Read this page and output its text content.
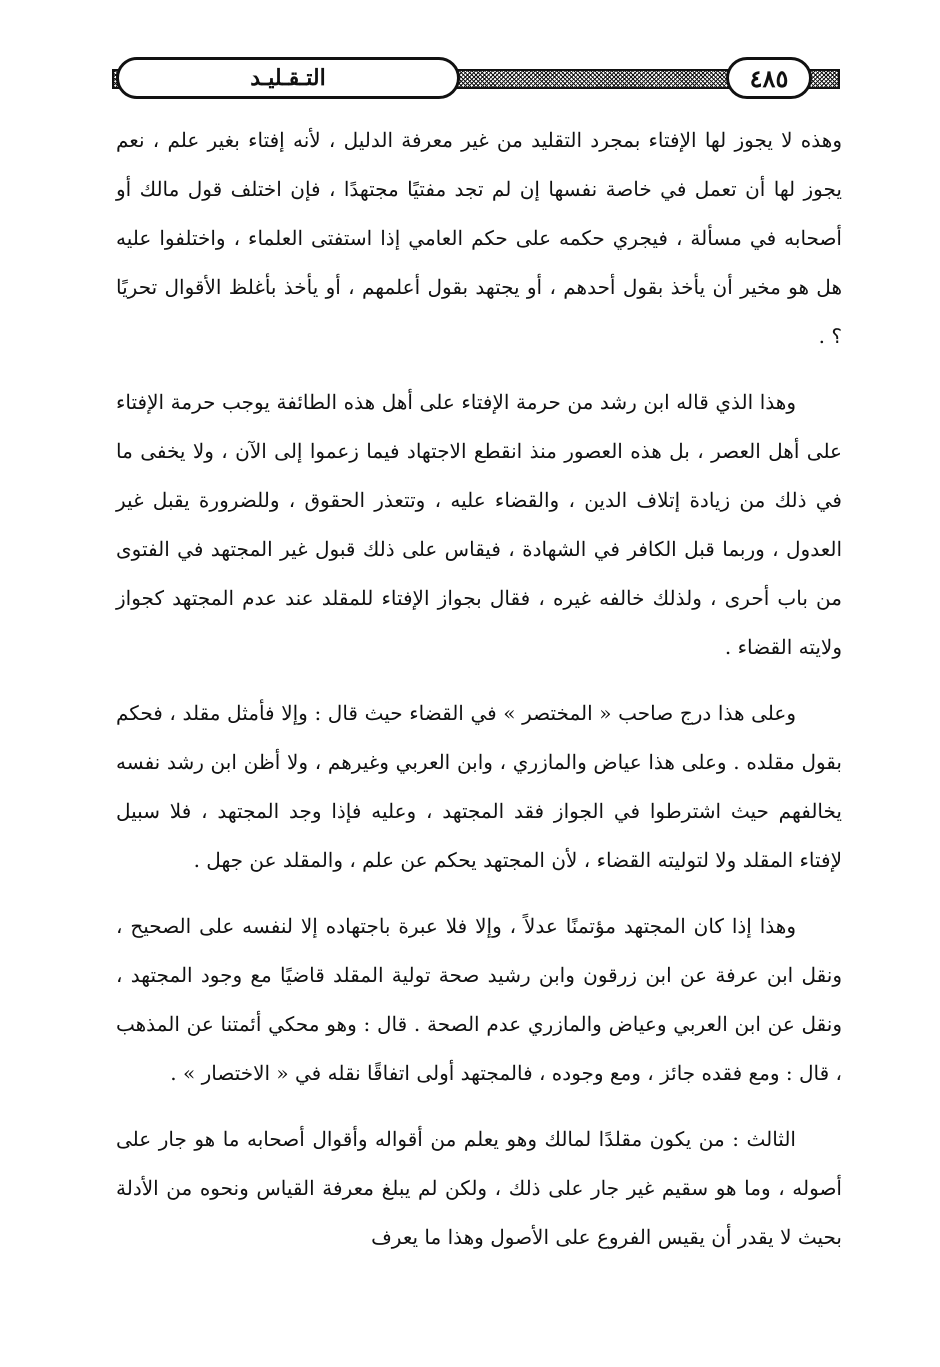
التـقـليـد	٤٨٥

وهذه لا يجوز لها الإفتاء بمجرد التقليد من غير معرفة الدليل ، لأنه إفتاء بغير علم ، نعم يجوز لها أن تعمل في خاصة نفسها إن لم تجد مفتيًا مجتهدًا ، فإن اختلف قول مالك أو أصحابه في مسألة ، فيجري حكمه على حكم العامي إذا استفتى العلماء ، واختلفوا عليه هل هو مخير أن يأخذ بقول أحدهم ، أو يجتهد بقول أعلمهم ، أو يأخذ بأغلظ الأقوال تحريًا ؟ .

وهذا الذي قاله ابن رشد من حرمة الإفتاء على أهل هذه الطائفة يوجب حرمة الإفتاء على أهل العصر ، بل هذه العصور منذ انقطع الاجتهاد فيما زعموا إلى الآن ، ولا يخفى ما في ذلك من زيادة إتلاف الدين ، والقضاء عليه ، وتتعذر الحقوق ، وللضرورة يقبل غير العدول ، وربما قبل الكافر في الشهادة ، فيقاس على ذلك قبول غير المجتهد في الفتوى من باب أحرى ، ولذلك خالفه غيره ، فقال بجواز الإفتاء للمقلد عند عدم المجتهد كجواز ولايته القضاء .

وعلى هذا درج صاحب « المختصر » في القضاء حيث قال : وإلا فأمثل مقلد ، فحكم بقول مقلده . وعلى هذا عياض والمازري ، وابن العربي وغيرهم ، ولا أظن ابن رشد نفسه يخالفهم حيث اشترطوا في الجواز فقد المجتهد ، وعليه فإذا وجد المجتهد ، فلا سبيل لإفتاء المقلد ولا لتوليته القضاء ، لأن المجتهد يحكم عن علم ، والمقلد عن جهل .

وهذا إذا كان المجتهد مؤتمنًا عدلاً ، وإلا فلا عبرة باجتهاده إلا لنفسه على الصحيح ، ونقل ابن عرفة عن ابن زرقون وابن رشيد صحة تولية المقلد قاضيًا مع وجود المجتهد ، ونقل عن ابن العربي وعياض والمازري عدم الصحة . قال : وهو محكي أئمتنا عن المذهب ، قال : ومع فقده جائز ، ومع وجوده ، فالمجتهد أولى اتفاقًا نقله في « الاختصار » .

الثالث : من يكون مقلدًا لمالك وهو يعلم من أقواله وأقوال أصحابه ما هو جار على أصوله ، وما هو سقيم غير جار على ذلك ، ولكن لم يبلغ معرفة القياس ونحوه من الأدلة بحيث لا يقدر أن يقيس الفروع على الأصول وهذا ما يعرف
